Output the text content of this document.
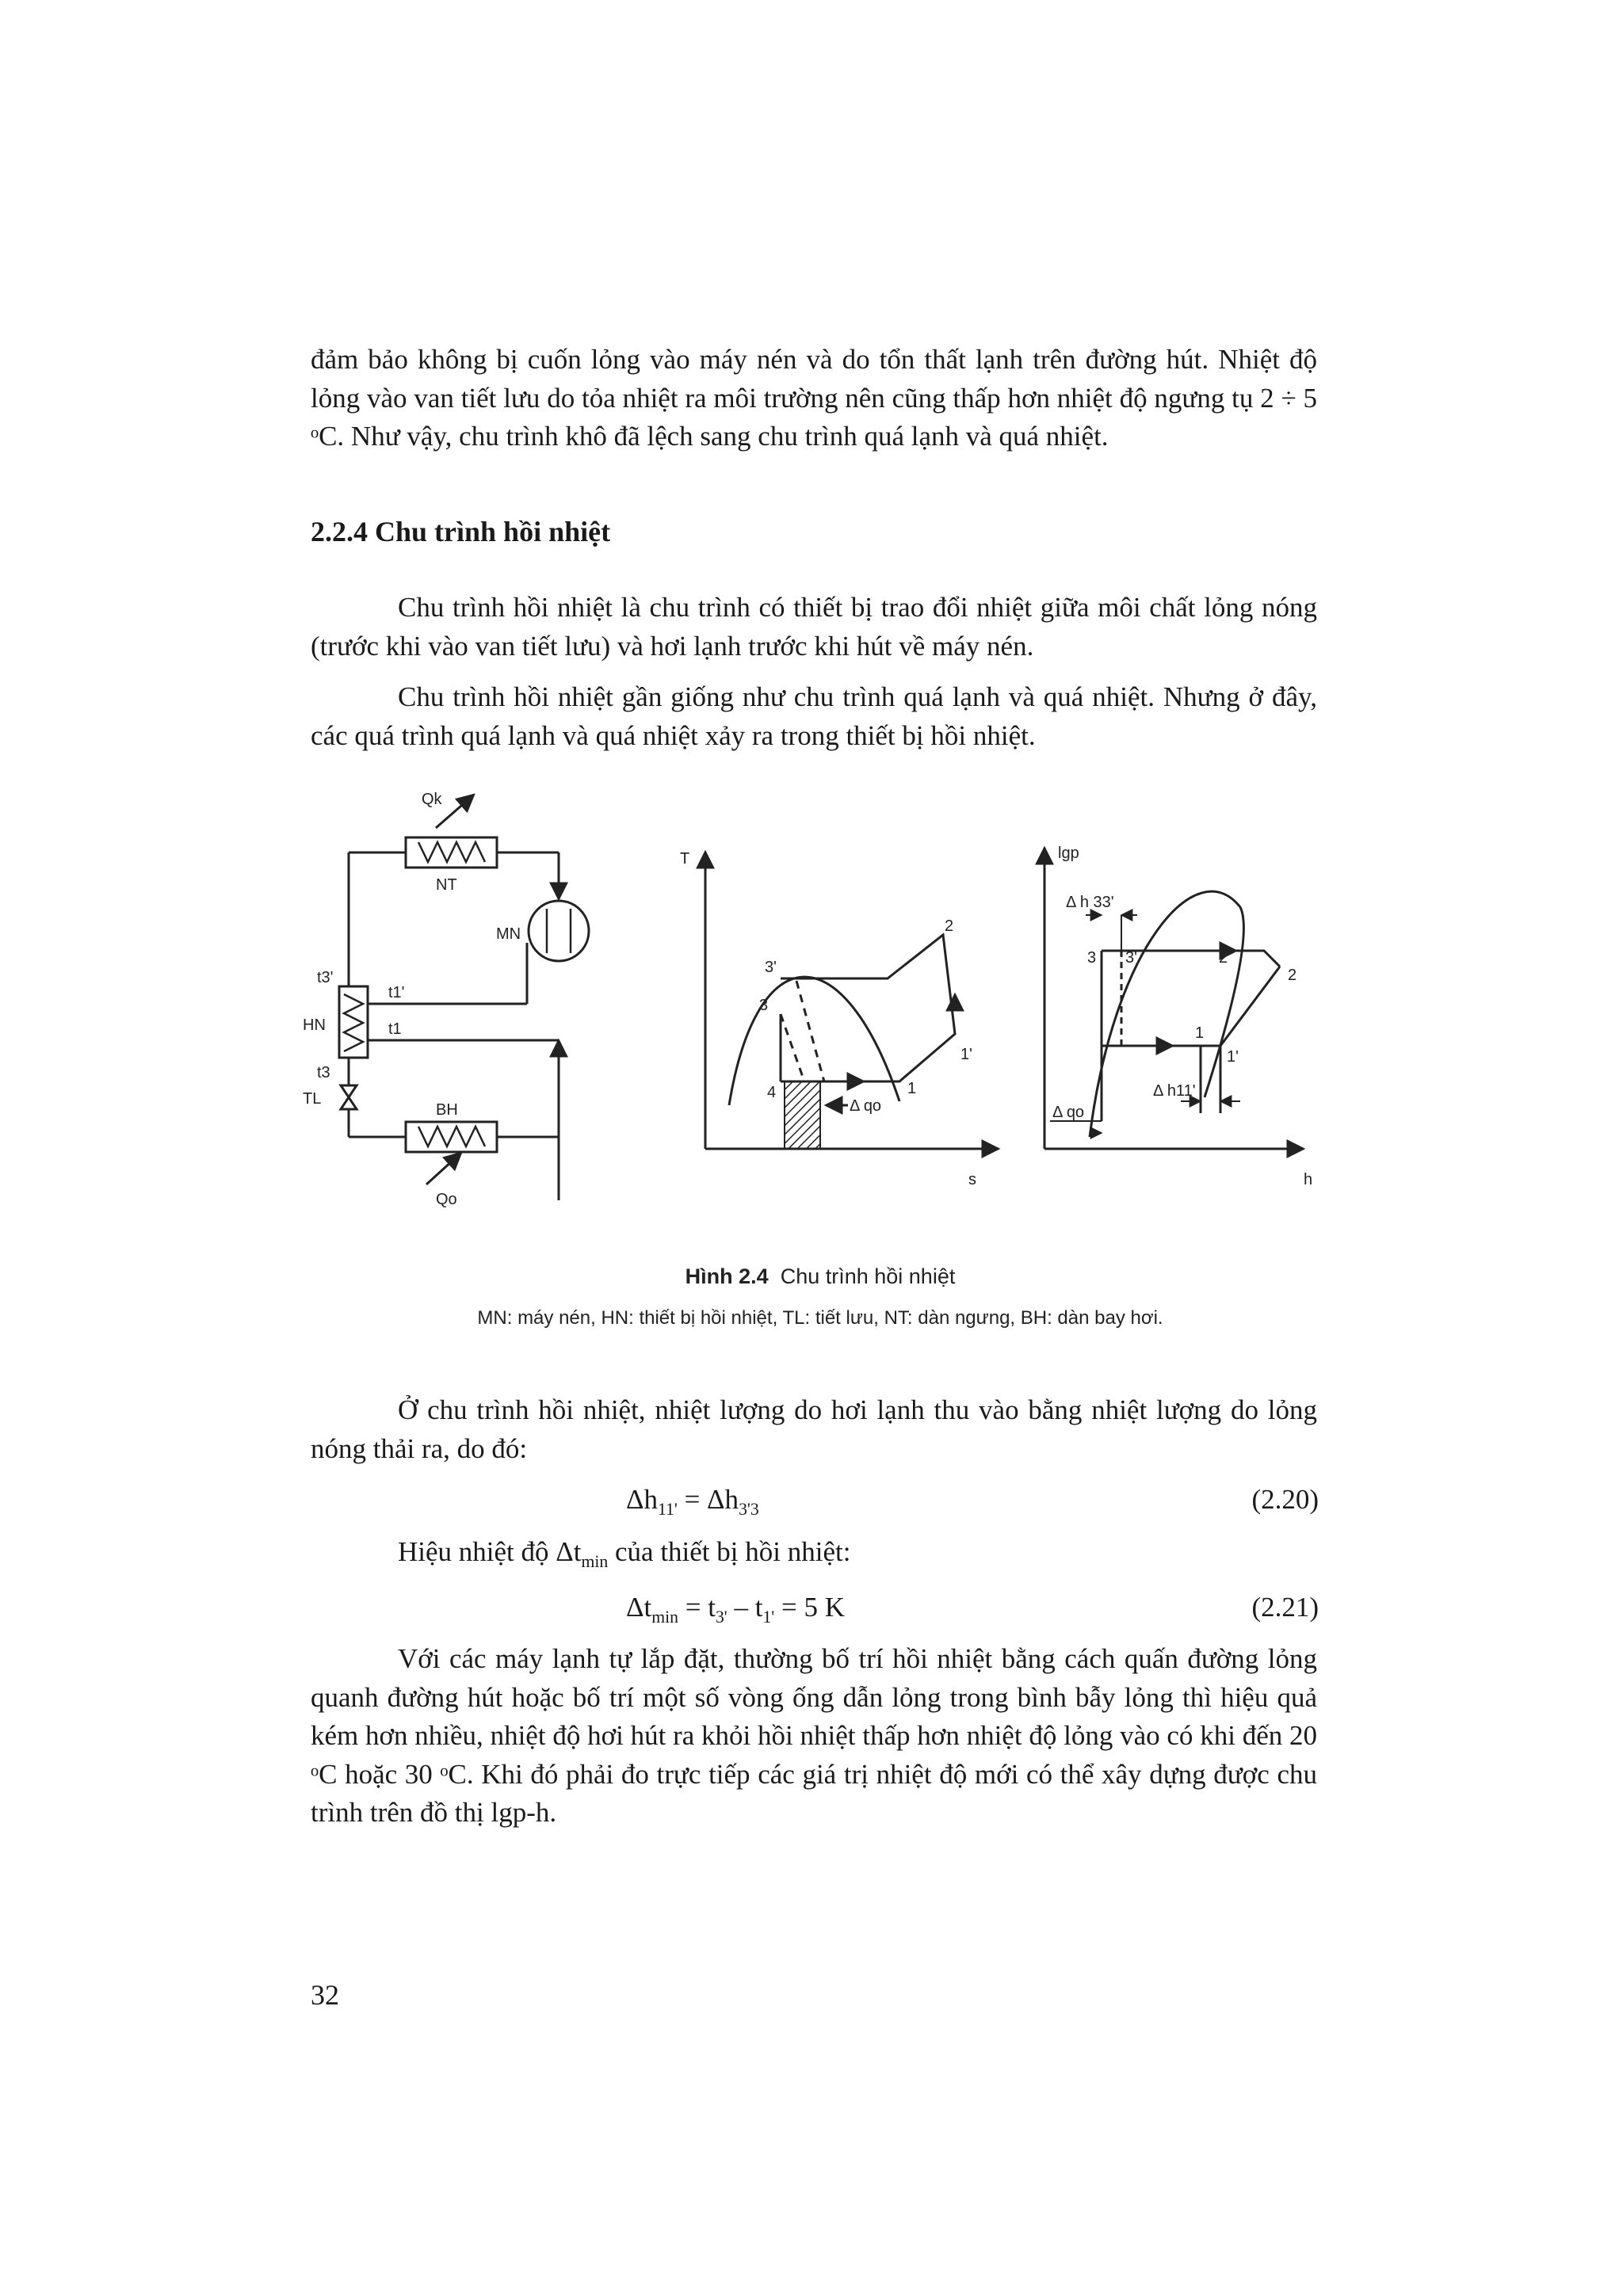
đảm bảo không bị cuốn lỏng vào máy nén và do tổn thất lạnh trên đường hút. Nhiệt độ lỏng vào van tiết lưu do tỏa nhiệt ra môi trường nên cũng thấp hơn nhiệt độ ngưng tụ 2 ÷ 5 ᵒC. Như vậy, chu trình khô đã lệch sang chu trình quá lạnh và quá nhiệt.

2.2.4 Chu trình hồi nhiệt

Chu trình hồi nhiệt là chu trình có thiết bị trao đổi nhiệt giữa môi chất lỏng nóng (trước khi vào van tiết lưu) và hơi lạnh trước khi hút về máy nén.

Chu trình hồi nhiệt gần giống như chu trình quá lạnh và quá nhiệt. Nhưng ở đây, các quá trình quá lạnh và quá nhiệt xảy ra trong thiết bị hồi nhiệt.

Qk
NT
MN
t3'
t1'
HN	t1
t3
TL
BH
Qo
T
s
2
3'
3
1'
4	1
Δ qo
lgp
h
Δ h 33'
3 3'	2'
2
1
1'
Δ h11'
Δ qo

Hình 2.4 Chu trình hồi nhiệt

MN: máy nén, HN: thiết bị hồi nhiệt, TL: tiết lưu, NT: dàn ngưng, BH: dàn bay hơi.

Ở chu trình hồi nhiệt, nhiệt lượng do hơi lạnh thu vào bằng nhiệt lượng do lỏng nóng thải ra, do đó:

$\Delta h_{11'} = \Delta h_{3'3}$	(2.20)

Hiệu nhiệt độ $\Delta t_{min}$ của thiết bị hồi nhiệt:

$\Delta t_{min} = t_{3'} - t_{1'} = 5$ K	(2.21)

Với các máy lạnh tự lắp đặt, thường bố trí hồi nhiệt bằng cách quấn đường lỏng quanh đường hút hoặc bố trí một số vòng ống dẫn lỏng trong bình bẫy lỏng thì hiệu quả kém hơn nhiều, nhiệt độ hơi hút ra khỏi hồi nhiệt thấp hơn nhiệt độ lỏng vào có khi đến 20 ᵒC hoặc 30 ᵒC. Khi đó phải đo trực tiếp các giá trị nhiệt độ mới có thể xây dựng được chu trình trên đồ thị lgp-h.

32
